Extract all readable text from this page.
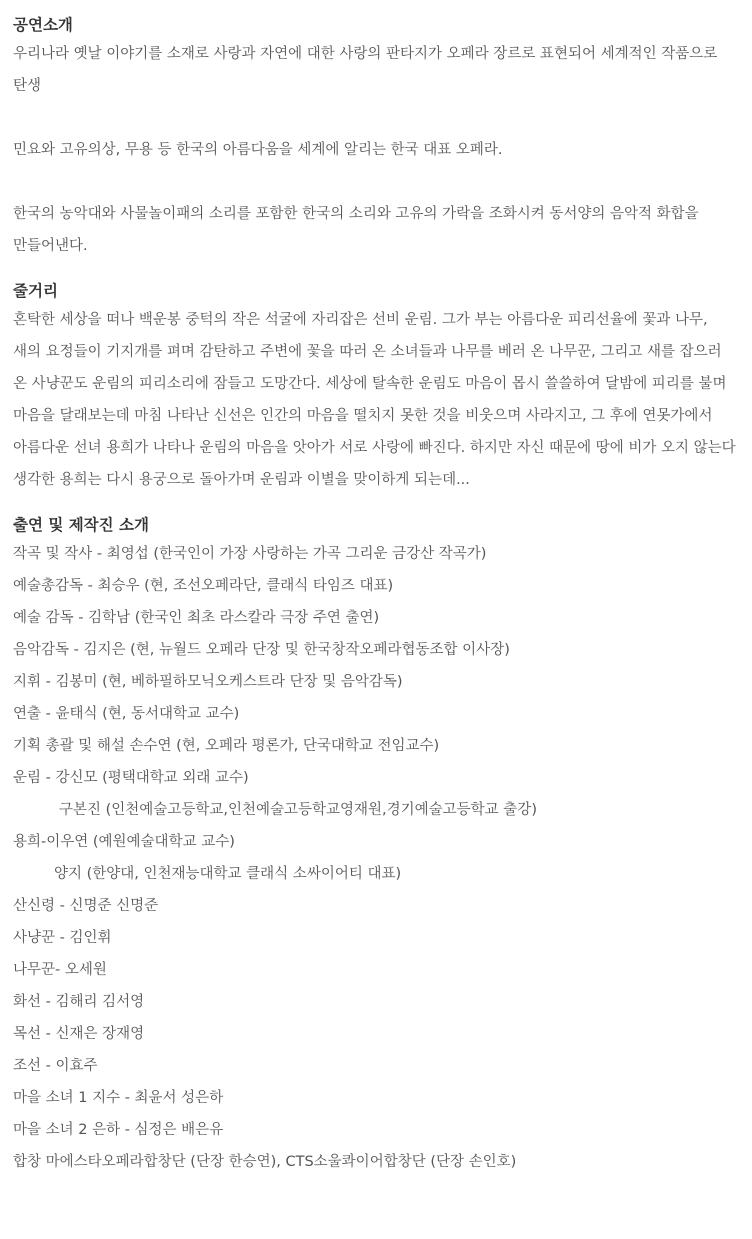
공연소개

우리나라 옛날 이야기를 소재로 사랑과 자연에 대한 사랑의 판타지가 오페라 장르로 표현되어 세계적인 작품으로 탄생

민요와 고유의상, 무용 등 한국의 아름다움을 세계에 알리는 한국 대표 오페라.

한국의 농악대와 사물놀이패의 소리를 포함한 한국의 소리와 고유의 가락을 조화시켜 동서양의 음악적 화합을 만들어낸다.

줄거리

혼탁한 세상을 떠나 백운봉 중턱의 작은 석굴에 자리잡은 선비 운림. 그가 부는 아름다운 피리선율에 꽃과 나무, 새의 요정들이 기지개를 펴며 감탄하고 주변에 꽃을 따러 온 소녀들과 나무를 베러 온 나무꾼, 그리고 새를 잡으러 온 사냥꾼도 운림의 피리소리에 잠들고 도망간다. 세상에 탈속한 운림도 마음이 몹시 쓸쓸하여 달밤에 피리를 불며 마음을 달래보는데 마침 나타난 신선은 인간의 마음을 떨치지 못한 것을 비웃으며 사라지고, 그 후에 연못가에서 아름다운 선녀 용희가 나타나 운림의 마음을 앗아가 서로 사랑에 빠진다. 하지만 자신 때문에 땅에 비가 오지 않는다 생각한 용희는 다시 용궁으로 돌아가며 운림과 이별을 맞이하게 되는데...

출연 및 제작진 소개
작곡 및 작사 - 최영섭 (한국인이 가장 사랑하는 가곡 그리운 금강산 작곡가)
예술총감독 - 최승우 (현, 조선오페라단, 클래식 타임즈 대표)
예술 감독 - 김학남 (한국인 최초 라스칼라 극장 주연 출연)
음악감독 - 김지은 (현, 뉴월드 오페라 단장 및 한국창작오페라협동조합 이사장)
지휘 - 김봉미 (현, 베하필하모닉오케스트라 단장 및 음악감독)
연출 - 윤태식 (현, 동서대학교 교수)
기획 총괄 및 해설 손수연 (현, 오페라 평론가, 단국대학교 전임교수)
운림 - 강신모 (평택대학교 외래 교수)
구본진 (인천예술고등학교,인천예술고등학교영재원,경기예술고등학교 출강)
용희-이우연 (예원예술대학교 교수)
양지 (한양대, 인천재능대학교 클래식 소싸이어티 대표)
산신령 - 신명준 신명준
사냥꾼 - 김인휘
나무꾼- 오세원
화선 - 김해리 김서영
목선 - 신재은 장재영
조선 - 이효주
마을 소녀 1 지수 - 최윤서 성은하
마을 소녀 2 은하 - 심정은 배은유
합창 마에스타오페라합창단 (단장 한승연), CTS소울콰이어합창단 (단장 손인호)
